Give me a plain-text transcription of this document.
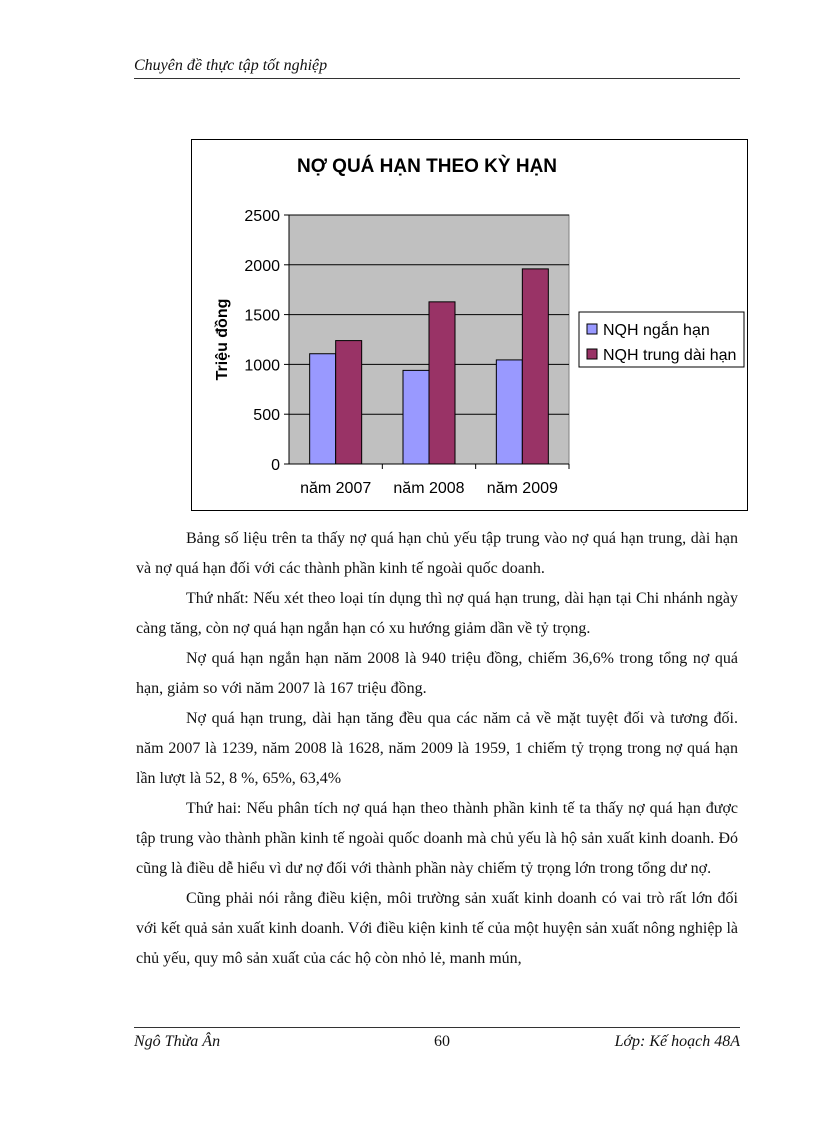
Chuyên đề thực tập tốt nghiệp
NỢ QUÁ HẠN THEO KỲ HẠN
0
500
1000
1500
2000
2500
Triệu đồng
năm 2007 năm 2008 năm 2009
NQH ngắn hạn
NQH trung dài hạn

Bảng số liệu trên ta thấy nợ quá hạn chủ yếu tập trung vào nợ quá hạn trung, dài hạn và nợ quá hạn đối với các thành phần kinh tế ngoài quốc doanh.

Thứ nhất: Nếu xét theo loại tín dụng thì nợ quá hạn trung, dài hạn tại Chi nhánh ngày càng tăng, còn nợ quá hạn ngắn hạn có xu hướng giảm dần về tỷ trọng.

Nợ quá hạn ngắn hạn năm 2008 là 940 triệu đồng, chiếm 36,6% trong tổng nợ quá hạn, giảm so với năm 2007 là 167 triệu đồng.

Nợ quá hạn trung, dài hạn tăng đều qua các năm cả về mặt tuyệt đối và tương đối. năm 2007 là 1239, năm 2008 là 1628, năm 2009 là 1959, 1 chiếm tỷ trọng trong nợ quá hạn lần lượt là 52, 8 %, 65%, 63,4%

Thứ hai: Nếu phân tích nợ quá hạn theo thành phần kinh tế ta thấy nợ quá hạn được tập trung vào thành phần kinh tế ngoài quốc doanh mà chủ yếu là hộ sản xuất kinh doanh. Đó cũng là điều dễ hiểu vì dư nợ đối với thành phần này chiếm tỷ trọng lớn trong tổng dư nợ.

Cũng phải nói rằng điều kiện, môi trường sản xuất kinh doanh có vai trò rất lớn đối với kết quả sản xuất kinh doanh. Với điều kiện kinh tế của một huyện sản xuất nông nghiệp là chủ yếu, quy mô sản xuất của các hộ còn nhỏ lẻ, manh mún,

Ngô Thừa Ân	60	Lớp: Kế hoạch 48A
